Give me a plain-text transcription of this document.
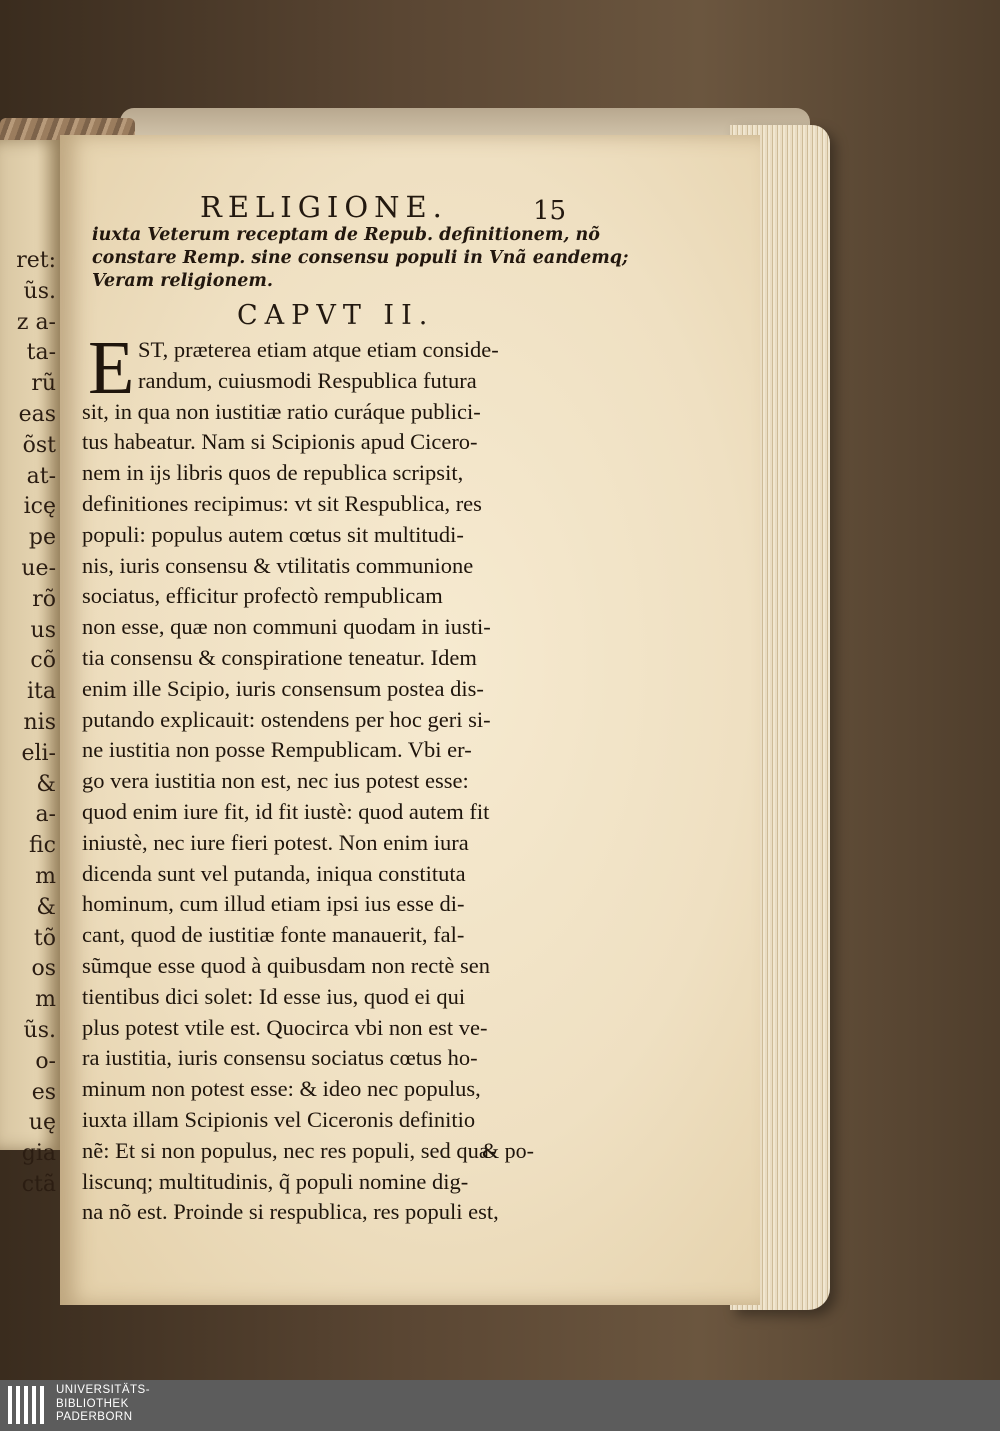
ret:
ũs.
z a-
ta-
rũ
eas
õst
at-
icę
pe
ue-
rõ
us
cõ
ita
nis
eli-
&
a-
fic
m
&
tõ
os
m
ũs.
o-
es
uę
gia
ctã
RELIGIONE.	15
iuxta Veterum receptam de Repub. definitionem, nõ
constare Remp. sine consensu populi in Vnã eandemq;
Veram religionem.
CAPVT II.
E ST, præterea etiam atque etiam conside-
randum, cuiusmodi Respublica futura
sit, in qua non iustitiæ ratio curáque publici-
tus habeatur. Nam si Scipionis apud Cicero-
nem in ijs libris quos de republica scripsit,
definitiones recipimus: vt sit Respublica, res
populi: populus autem cœtus sit multitudi-
nis, iuris consensu & vtilitatis communione
sociatus, efficitur profectò rempublicam
non esse, quæ non communi quodam in iusti-
tia consensu & conspiratione teneatur. Idem
enim ille Scipio, iuris consensum postea dis-
putando explicauit: ostendens per hoc geri si-
ne iustitia non posse Rempublicam. Vbi er-
go vera iustitia non est, nec ius potest esse:
quod enim iure fit, id fit iustè: quod autem fit
iniustè, nec iure fieri potest. Non enim iura
dicenda sunt vel putanda, iniqua constituta
hominum, cum illud etiam ipsi ius esse di-
cant, quod de iustitiæ fonte manauerit, fal-
sũmque esse quod à quibusdam non rectè sen
tientibus dici solet: Id esse ius, quod ei qui
plus potest vtile est. Quocirca vbi non est ve-
ra iustitia, iuris consensu sociatus cœtus ho-
minum non potest esse: & ideo nec populus,
iuxta illam Scipionis vel Ciceronis definitio
nẽ: Et si non populus, nec res populi, sed qua-
liscunq; multitudinis, q̃ populi nomine dig-
na nõ est. Proinde si respublica, res populi est,
& po-
UNIVERSITÄTS-
BIBLIOTHEK
PADERBORN
